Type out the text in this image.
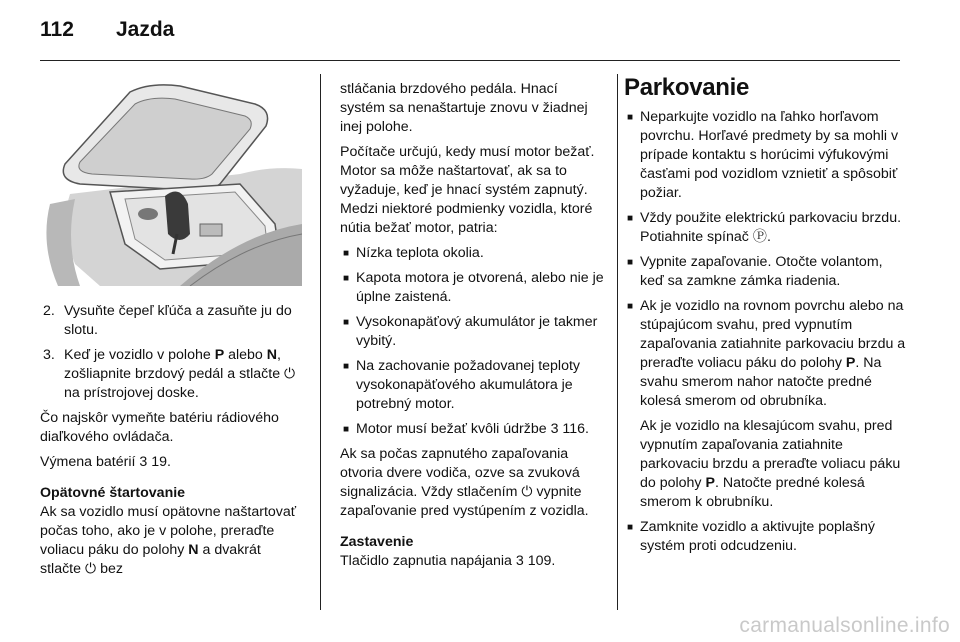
112	Jazda
2. Vysuňte čepeľ kľúča a zasuňte ju do slotu.
3. Keď je vozidlo v polohe P alebo N, zošliapnite brzdový pedál a stlačte ⏻ na prístrojovej doske.

Čo najskôr vymeňte batériu rádiového diaľkového ovládača.

Výmena batérií 3 19.

Opätovné štartovanie

Ak sa vozidlo musí opätovne naštartovať počas toho, ako je v polohe, preraďte voliacu páku do polohy N a dvakrát stlačte ⏻ bez

stláčania brzdového pedála. Hnací systém sa nenaštartuje znovu v žiadnej inej polohe.

Počítače určujú, kedy musí motor bežať. Motor sa môže naštartovať, ak sa to vyžaduje, keď je hnací systém zapnutý. Medzi niektoré podmienky vozidla, ktoré nútia bežať motor, patria:

■ Nízka teplota okolia.
■ Kapota motora je otvorená, alebo nie je úplne zaistená.
■ Vysokonapäťový akumulátor je takmer vybitý.
■ Na zachovanie požadovanej teploty vysokonapäťového akumulátora je potrebný motor.
■ Motor musí bežať kvôli údržbe 3 116.

Ak sa počas zapnutého zapaľovania otvoria dvere vodiča, ozve sa zvuková signalizácia. Vždy stlačením ⏻ vypnite zapaľovanie pred vystúpením z vozidla.

Zastavenie

Tlačidlo zapnutia napájania 3 109.

Parkovanie
■ Neparkujte vozidlo na ľahko horľavom povrchu. Horľavé predmety by sa mohli v prípade kontaktu s horúcimi výfukovými časťami pod vozidlom vznietiť a spôsobiť požiar.
■ Vždy použite elektrickú parkovaciu brzdu. Potiahnite spínač Ⓟ.
■ Vypnite zapaľovanie. Otočte volantom, keď sa zamkne zámka riadenia.
■ Ak je vozidlo na rovnom povrchu alebo na stúpajúcom svahu, pred vypnutím zapaľovania zatiahnite parkovaciu brzdu a preraďte voliacu páku do polohy P. Na svahu smerom nahor natočte predné kolesá smerom od obrubníka.
Ak je vozidlo na klesajúcom svahu, pred vypnutím zapaľovania zatiahnite parkovaciu brzdu a preraďte voliacu páku do polohy P. Natočte predné kolesá smerom k obrubníku.
■ Zamknite vozidlo a aktivujte poplašný systém proti odcudzeniu.
carmanualsonline.info
